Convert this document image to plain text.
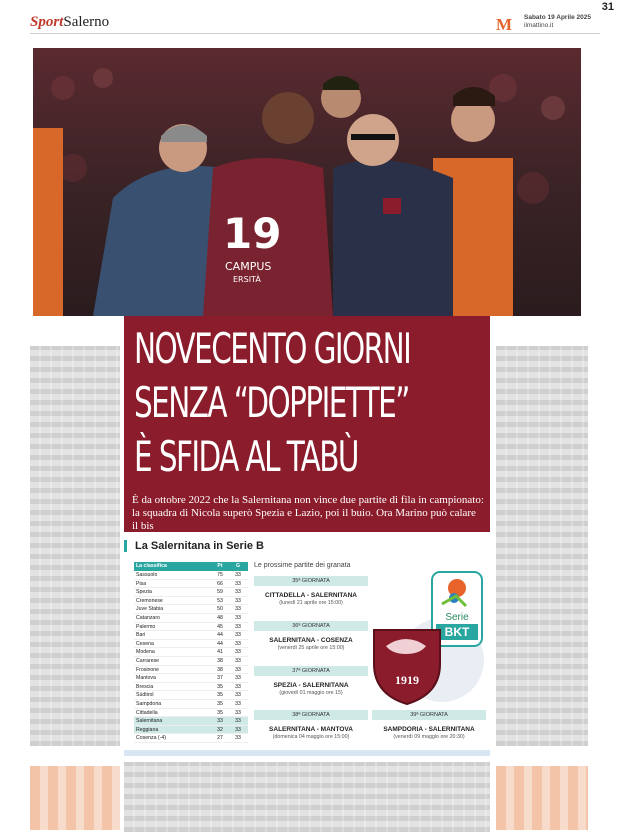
31
SportSalerno	M Sabato 19 Aprile 2025
ilmattino.it
19
CAMPUS
ERSITÀ
NOVECENTO GIORNI
SENZA “DOPPIETTE”
È SFIDA AL TABÙ
È da ottobre 2022 che la Salernitana non vince due partite di fila in campionato: la squadra di Nicola superò Spezia e Lazio, poi il buio. Ora Marino può calare il bis
La Salernitana in Serie B
La classifica	Pt	G
Sassuolo	75	33
Pisa	66	33
Spezia	59	33
Cremonese	53	33
Juve Stabia	50	33
Catanzaro	48	33
Palermo	45	33
Bari	44	33
Cesena	44	33
Modena	41	33
Carrarese	38	33
Frosinone	38	33
Mantova	37	33
Brescia	35	33
Südtirol	35	33
Sampdoria	35	33
Cittadella	35	33
Salernitana	33	33
Reggiana	32	33
Cosenza (-4)	27	33
Le prossime partite dei granata
35ª GIORNATA
CITTADELLA - SALERNITANA
(lunedì 21 aprile ore 15:00)
36ª GIORNATA
SALERNITANA - COSENZA
(venerdì 25 aprile ore 15:00)
37ª GIORNATA
SPEZIA - SALERNITANA
(giovedì 01 maggio ore 15)
38ª GIORNATA
SALERNITANA - MANTOVA
(domenica 04 maggio ore 15:00)
39ª GIORNATA
SAMPDORIA - SALERNITANA
(venerdì 09 maggio ore 20:30)
Serie
BKT
1919
